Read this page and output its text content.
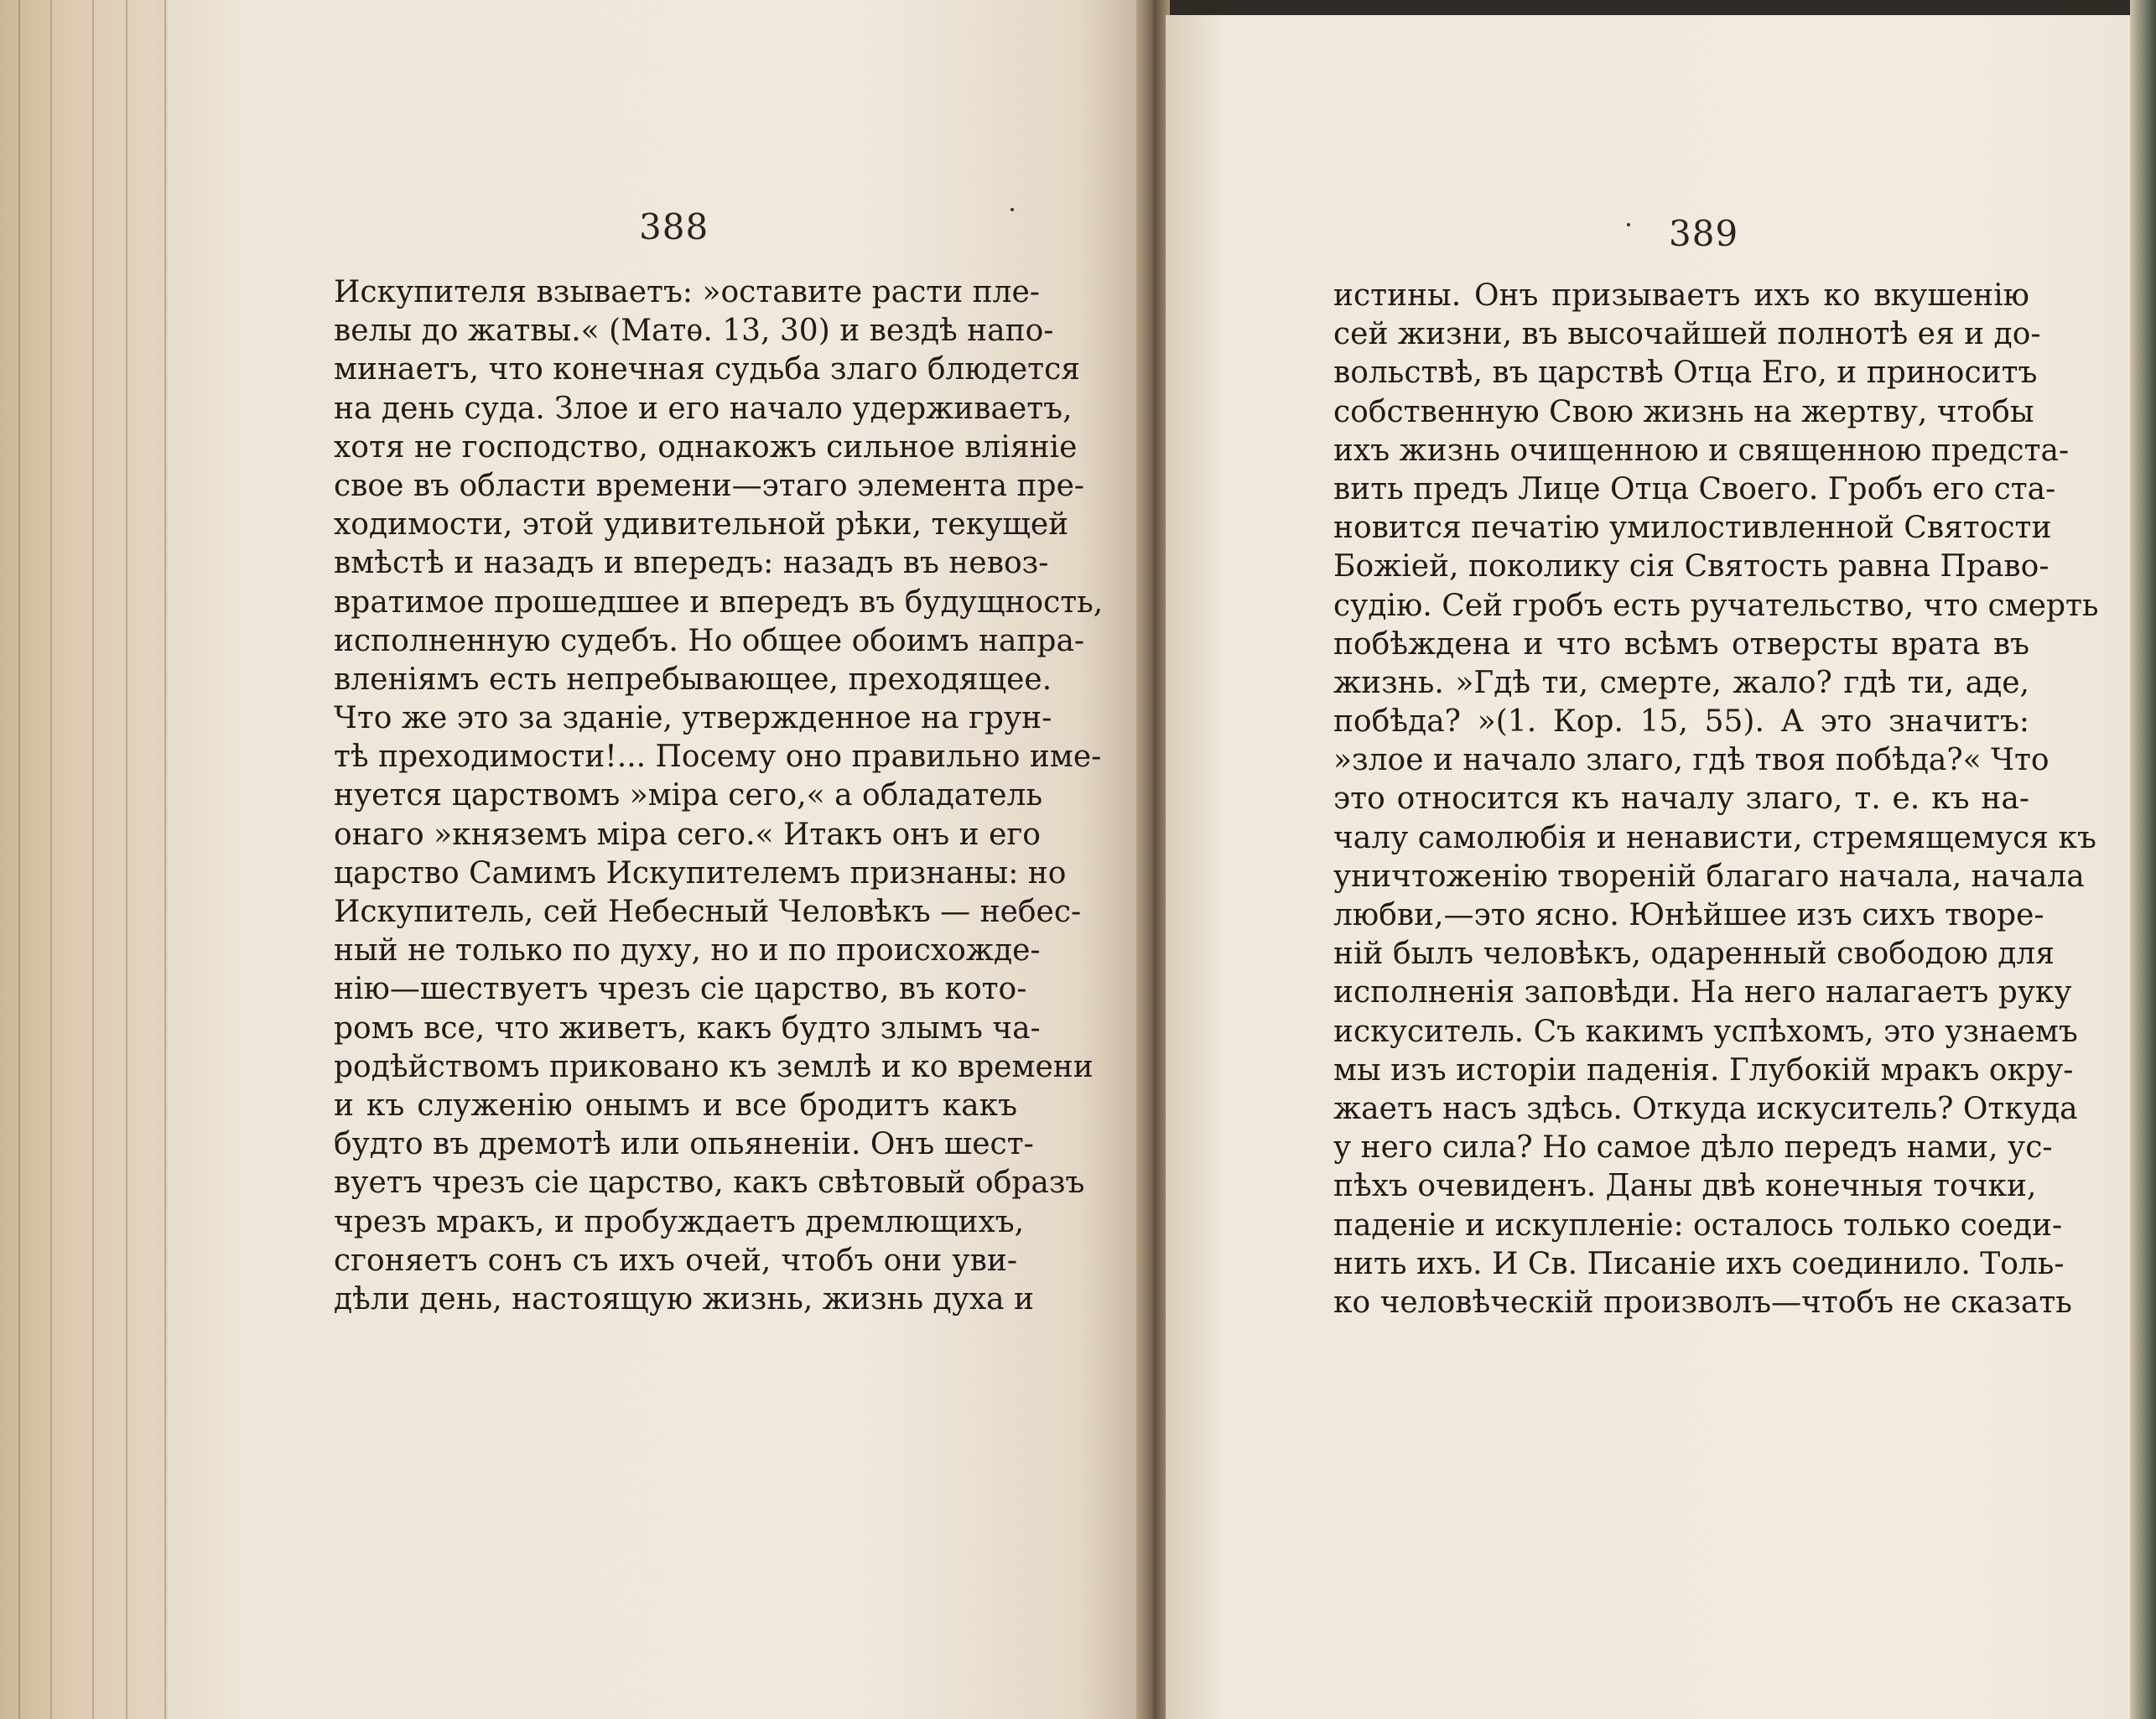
388	389
Искупителя взываетъ: »оставите расти пле-
велы до жатвы.« (Матѳ. 13, 30) и вездѣ напо-
минаетъ, что конечная судьба злаго блюдется
на день суда. Злое и его начало удерживаетъ,
хотя не господство, однакожъ сильное вліяніе
свое въ области времени—этаго элемента пре-
ходимости, этой удивительной рѣки, текущей
вмѣстѣ и назадъ и впередъ: назадъ въ невоз-
вратимое прошедшее и впередъ въ будущность,
исполненную судебъ. Но общее обоимъ напра-
вленіямъ есть непребывающее, преходящее.
Что же это за зданіе, утвержденное на грун-
тѣ преходимости!... Посему оно правильно име-
нуется царствомъ »міра сего,« а обладатель
онаго »княземъ міра сего.« Итакъ онъ и его
царство Самимъ Искупителемъ признаны: но
Искупитель, сей Небесный Человѣкъ — небес-
ный не только по духу, но и по происхожде-
нію—шествуетъ чрезъ сіе царство, въ кото-
ромъ все, что живетъ, какъ будто злымъ ча-
родѣйствомъ приковано къ землѣ и ко времени
и къ служенію онымъ и все бродитъ какъ
будто въ дремотѣ или опьяненіи. Онъ шест-
вуетъ чрезъ сіе царство, какъ свѣтовый образъ
чрезъ мракъ, и пробуждаетъ дремлющихъ,
сгоняетъ сонъ съ ихъ очей, чтобъ они уви-
дѣли день, настоящую жизнь, жизнь духа и
истины. Онъ призываетъ ихъ ко вкушенію
сей жизни, въ высочайшей полнотѣ ея и до-
вольствѣ, въ царствѣ Отца Его, и приноситъ
собственную Свою жизнь на жертву, чтобы
ихъ жизнь очищенною и священною предста-
вить предъ Лице Отца Своего. Гробъ его ста-
новится печатію умилостивленной Святости
Божіей, поколику сія Святость равна Право-
судію. Сей гробъ есть ручательство, что смерть
побѣждена и что всѣмъ отверсты врата въ
жизнь. »Гдѣ ти, смерте, жало? гдѣ ти, аде,
побѣда? »(1. Кор. 15, 55). А это значитъ:
»злое и начало злаго, гдѣ твоя побѣда?« Что
это относится къ началу злаго, т. е. къ на-
чалу самолюбія и ненависти, стремящемуся къ
уничтоженію твореній благаго начала, начала
любви,—это ясно. Юнѣйшее изъ сихъ творе-
ній былъ человѣкъ, одаренный свободою для
исполненія заповѣди. На него налагаетъ руку
искуситель. Съ какимъ успѣхомъ, это узнаемъ
мы изъ исторіи паденія. Глубокій мракъ окру-
жаетъ насъ здѣсь. Откуда искуситель? Откуда
у него сила? Но самое дѣло передъ нами, ус-
пѣхъ очевиденъ. Даны двѣ конечныя точки,
паденіе и искупленіе: осталось только соеди-
нить ихъ. И Св. Писаніе ихъ соединило. Толь-
ко человѣческій произволъ—чтобъ не сказать
